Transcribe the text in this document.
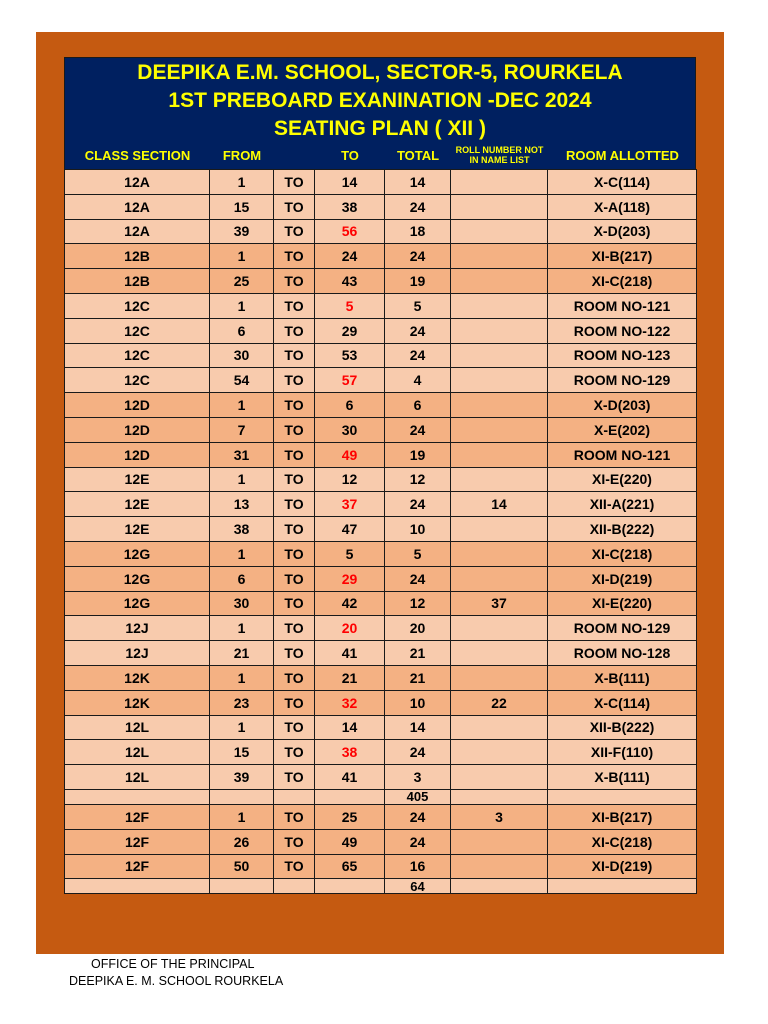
DEEPIKA E.M. SCHOOL, SECTOR-5, ROURKELA
1ST PREBOARD EXANINATION -DEC 2024
SEATING PLAN ( XII )
CLASS SECTION	FROM	TO	TOTAL	ROLL NUMBER NOT IN NAME LIST	ROOM ALLOTTED
12A	1	TO	14	14		X-C(114)
12A	15	TO	38	24		X-A(118)
12A	39	TO	56	18		X-D(203)
12B	1	TO	24	24		XI-B(217)
12B	25	TO	43	19		XI-C(218)
12C	1	TO	5	5		ROOM NO-121
12C	6	TO	29	24		ROOM NO-122
12C	30	TO	53	24		ROOM NO-123
12C	54	TO	57	4		ROOM NO-129
12D	1	TO	6	6		X-D(203)
12D	7	TO	30	24		X-E(202)
12D	31	TO	49	19		ROOM NO-121
12E	1	TO	12	12		XI-E(220)
12E	13	TO	37	24	14	XII-A(221)
12E	38	TO	47	10		XII-B(222)
12G	1	TO	5	5		XI-C(218)
12G	6	TO	29	24		XI-D(219)
12G	30	TO	42	12	37	XI-E(220)
12J	1	TO	20	20		ROOM NO-129
12J	21	TO	41	21		ROOM NO-128
12K	1	TO	21	21		X-B(111)
12K	23	TO	32	10	22	X-C(114)
12L	1	TO	14	14		XII-B(222)
12L	15	TO	38	24		XII-F(110)
12L	39	TO	41	3		X-B(111)
				405		
12F	1	TO	25	24	3	XI-B(217)
12F	26	TO	49	24		XI-C(218)
12F	50	TO	65	16		XI-D(219)
				64		
OFFICE OF THE PRINCIPAL
DEEPIKA E. M. SCHOOL ROURKELA
